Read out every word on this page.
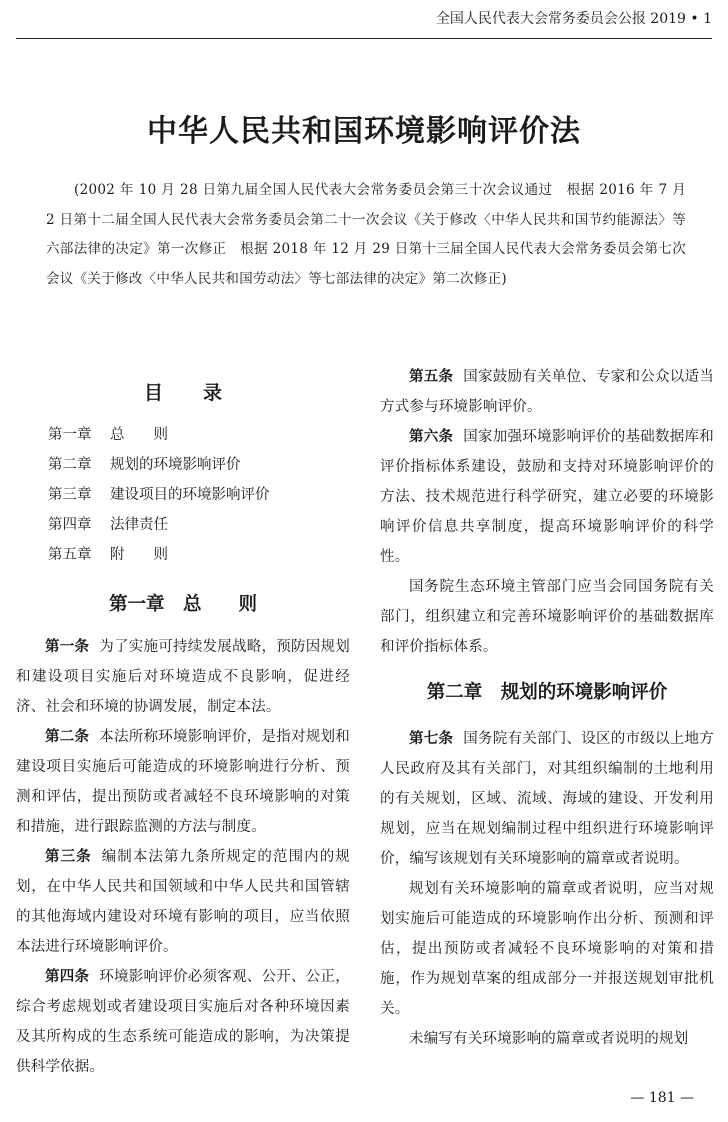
全国人民代表大会常务委员会公报 2019 • 1
中华人民共和国环境影响评价法

(2002 年 10 月 28 日第九届全国人民代表大会常务委员会第三十次会议通过　根据 2016 年 7 月 2 日第十二届全国人民代表大会常务委员会第二十一次会议《关于修改〈中华人民共和国节约能源法〉等六部法律的决定》第一次修正　根据 2018 年 12 月 29 日第十三届全国人民代表大会常务委员会第七次会议《关于修改〈中华人民共和国劳动法〉等七部法律的决定》第二次修正)

目录
第一章	总　　则
第二章	规划的环境影响评价
第三章	建设项目的环境影响评价
第四章	法律责任
第五章	附　　则
第一章　总　　则

第一条 为了实施可持续发展战略，预防因规划和建设项目实施后对环境造成不良影响，促进经济、社会和环境的协调发展，制定本法。

第二条 本法所称环境影响评价，是指对规划和建设项目实施后可能造成的环境影响进行分析、预测和评估，提出预防或者减轻不良环境影响的对策和措施，进行跟踪监测的方法与制度。

第三条 编制本法第九条所规定的范围内的规划，在中华人民共和国领域和中华人民共和国管辖的其他海域内建设对环境有影响的项目，应当依照本法进行环境影响评价。

第四条 环境影响评价必须客观、公开、公正，综合考虑规划或者建设项目实施后对各种环境因素及其所构成的生态系统可能造成的影响，为决策提供科学依据。

第五条 国家鼓励有关单位、专家和公众以适当方式参与环境影响评价。

第六条 国家加强环境影响评价的基础数据库和评价指标体系建设，鼓励和支持对环境影响评价的方法、技术规范进行科学研究，建立必要的环境影响评价信息共享制度，提高环境影响评价的科学性。

国务院生态环境主管部门应当会同国务院有关部门，组织建立和完善环境影响评价的基础数据库和评价指标体系。

第二章　规划的环境影响评价

第七条 国务院有关部门、设区的市级以上地方人民政府及其有关部门，对其组织编制的土地利用的有关规划，区域、流域、海域的建设、开发利用规划，应当在规划编制过程中组织进行环境影响评价，编写该规划有关环境影响的篇章或者说明。

规划有关环境影响的篇章或者说明，应当对规划实施后可能造成的环境影响作出分析、预测和评估，提出预防或者减轻不良环境影响的对策和措施，作为规划草案的组成部分一并报送规划审批机关。

未编写有关环境影响的篇章或者说明的规划

— 181 —
